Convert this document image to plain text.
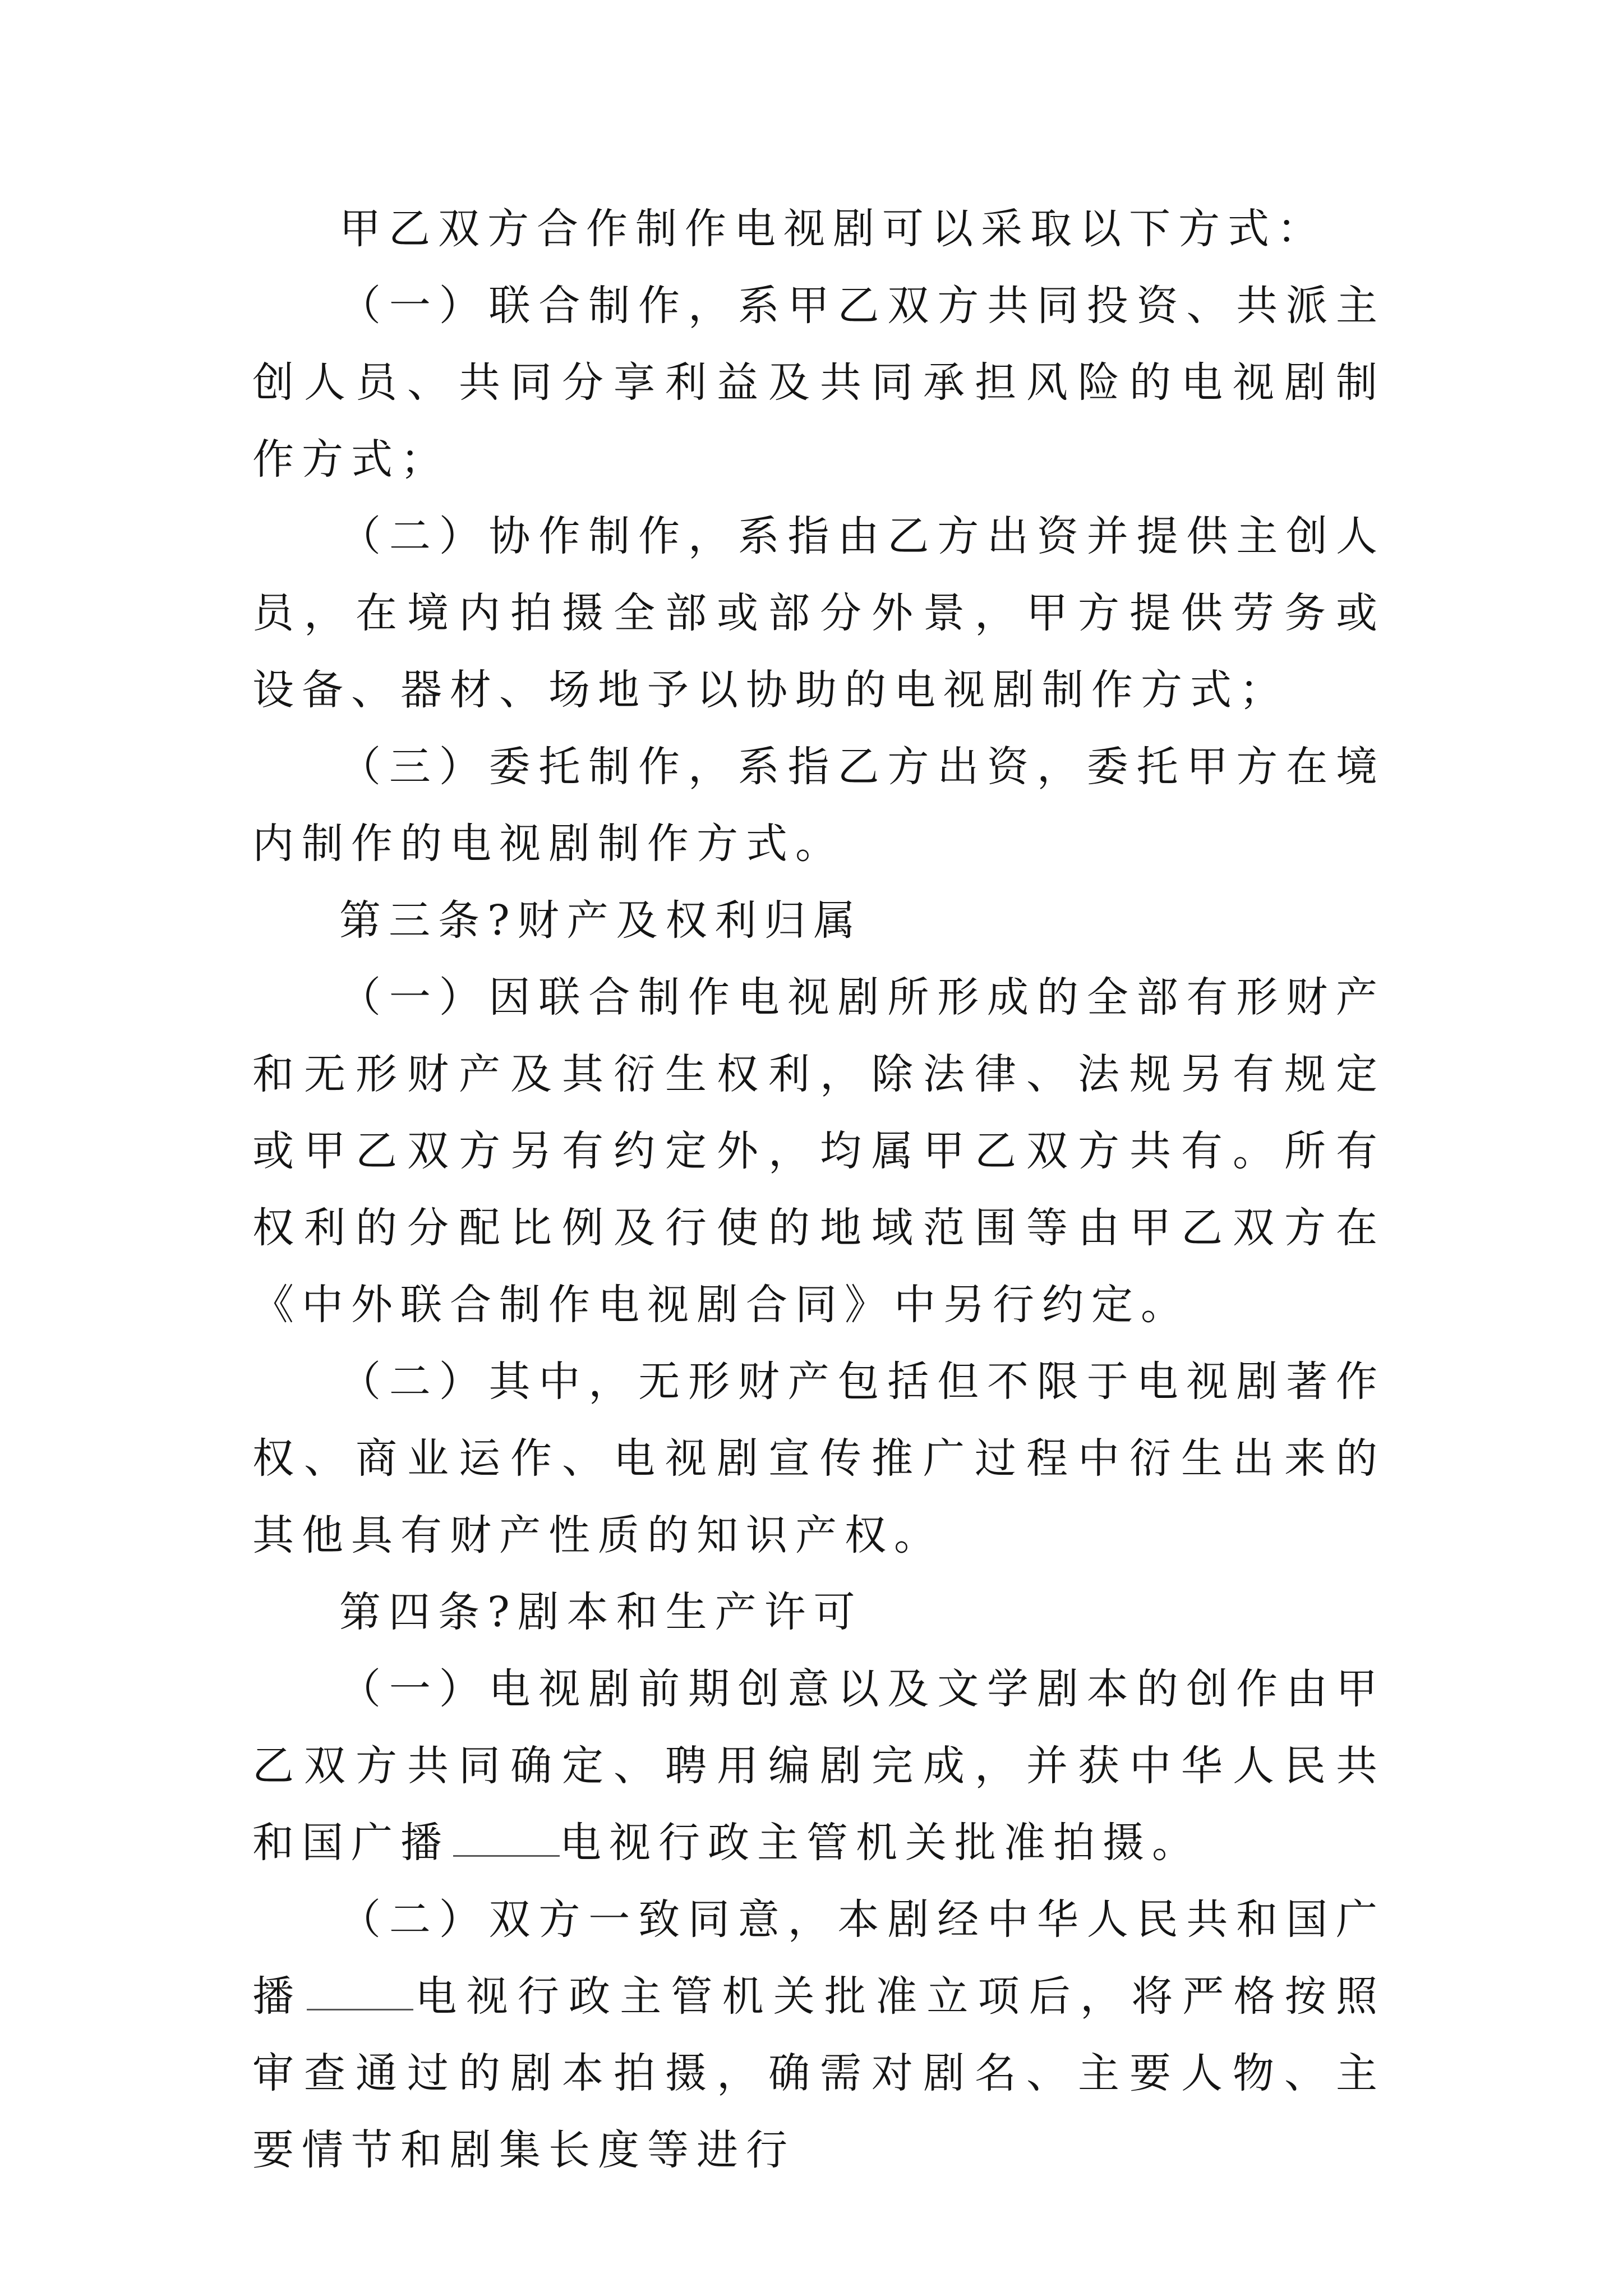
甲乙双方合作制作电视剧可以采取以下方式：

（一）联合制作，系甲乙双方共同投资、共派主创人员、共同分享利益及共同承担风险的电视剧制作方式；

（二）协作制作，系指由乙方出资并提供主创人员，在境内拍摄全部或部分外景，甲方提供劳务或设备、器材、场地予以协助的电视剧制作方式；

（三）委托制作，系指乙方出资，委托甲方在境内制作的电视剧制作方式。

第三条?财产及权利归属

（一）因联合制作电视剧所形成的全部有形财产和无形财产及其衍生权利，除法律、法规另有规定或甲乙双方另有约定外，均属甲乙双方共有。所有权利的分配比例及行使的地域范围等由甲乙双方在《中外联合制作电视剧合同》中另行约定。

（二）其中，无形财产包括但不限于电视剧著作权、商业运作、电视剧宣传推广过程中衍生出来的其他具有财产性质的知识产权。

第四条?剧本和生产许可

（一）电视剧前期创意以及文学剧本的创作由甲乙双方共同确定、聘用编剧完成，并获中华人民共和国广播	电视行政主管机关批准拍摄。

（二）双方一致同意，本剧经中华人民共和国广播	电视行政主管机关批准立项后，将严格按照审查通过的剧本拍摄，确需对剧名、主要人物、主要情节和剧集长度等进行
